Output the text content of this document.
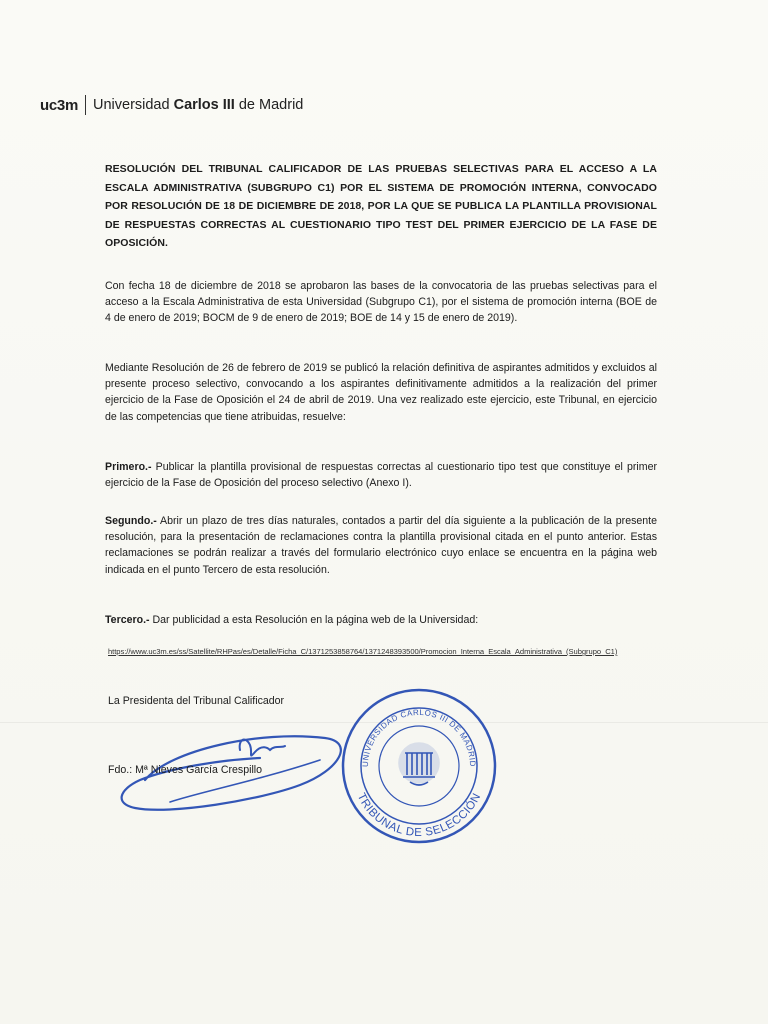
uc3m Universidad Carlos III de Madrid
RESOLUCIÓN DEL TRIBUNAL CALIFICADOR DE LAS PRUEBAS SELECTIVAS PARA EL ACCESO A LA ESCALA ADMINISTRATIVA (SUBGRUPO C1) POR EL SISTEMA DE PROMOCIÓN INTERNA, CONVOCADO POR RESOLUCIÓN DE 18 DE DICIEMBRE DE 2018, POR LA QUE SE PUBLICA LA PLANTILLA PROVISIONAL DE RESPUESTAS CORRECTAS AL CUESTIONARIO TIPO TEST DEL PRIMER EJERCICIO DE LA FASE DE OPOSICIÓN.
Con fecha 18 de diciembre de 2018 se aprobaron las bases de la convocatoria de las pruebas selectivas para el acceso a la Escala Administrativa de esta Universidad (Subgrupo C1), por el sistema de promoción interna (BOE de 4 de enero de 2019; BOCM de 9 de enero de 2019; BOE de 14 y 15 de enero de 2019).
Mediante Resolución de 26 de febrero de 2019 se publicó la relación definitiva de aspirantes admitidos y excluidos al presente proceso selectivo, convocando a los aspirantes definitivamente admitidos a la realización del primer ejercicio de la Fase de Oposición el 24 de abril de 2019. Una vez realizado este ejercicio, este Tribunal, en ejercicio de las competencias que tiene atribuidas, resuelve:
Primero.- Publicar la plantilla provisional de respuestas correctas al cuestionario tipo test que constituye el primer ejercicio de la Fase de Oposición del proceso selectivo (Anexo I).
Segundo.- Abrir un plazo de tres días naturales, contados a partir del día siguiente a la publicación de la presente resolución, para la presentación de reclamaciones contra la plantilla provisional citada en el punto anterior. Estas reclamaciones se podrán realizar a través del formulario electrónico cuyo enlace se encuentra en la página web indicada en el punto Tercero de esta resolución.
Tercero.- Dar publicidad a esta Resolución en la página web de la Universidad:
https://www.uc3m.es/ss/Satellite/RHPas/es/Detalle/Ficha_C/1371253858764/1371248393500/Promocion_Interna_Escala_Administrativa_(Subgrupo_C1)
La Presidenta del Tribunal Calificador
Fdo.: Mª Nieves García Crespillo
UNIVERSIDAD CARLOS III DE MADRID
TRIBUNAL DE SELECCIÓN
